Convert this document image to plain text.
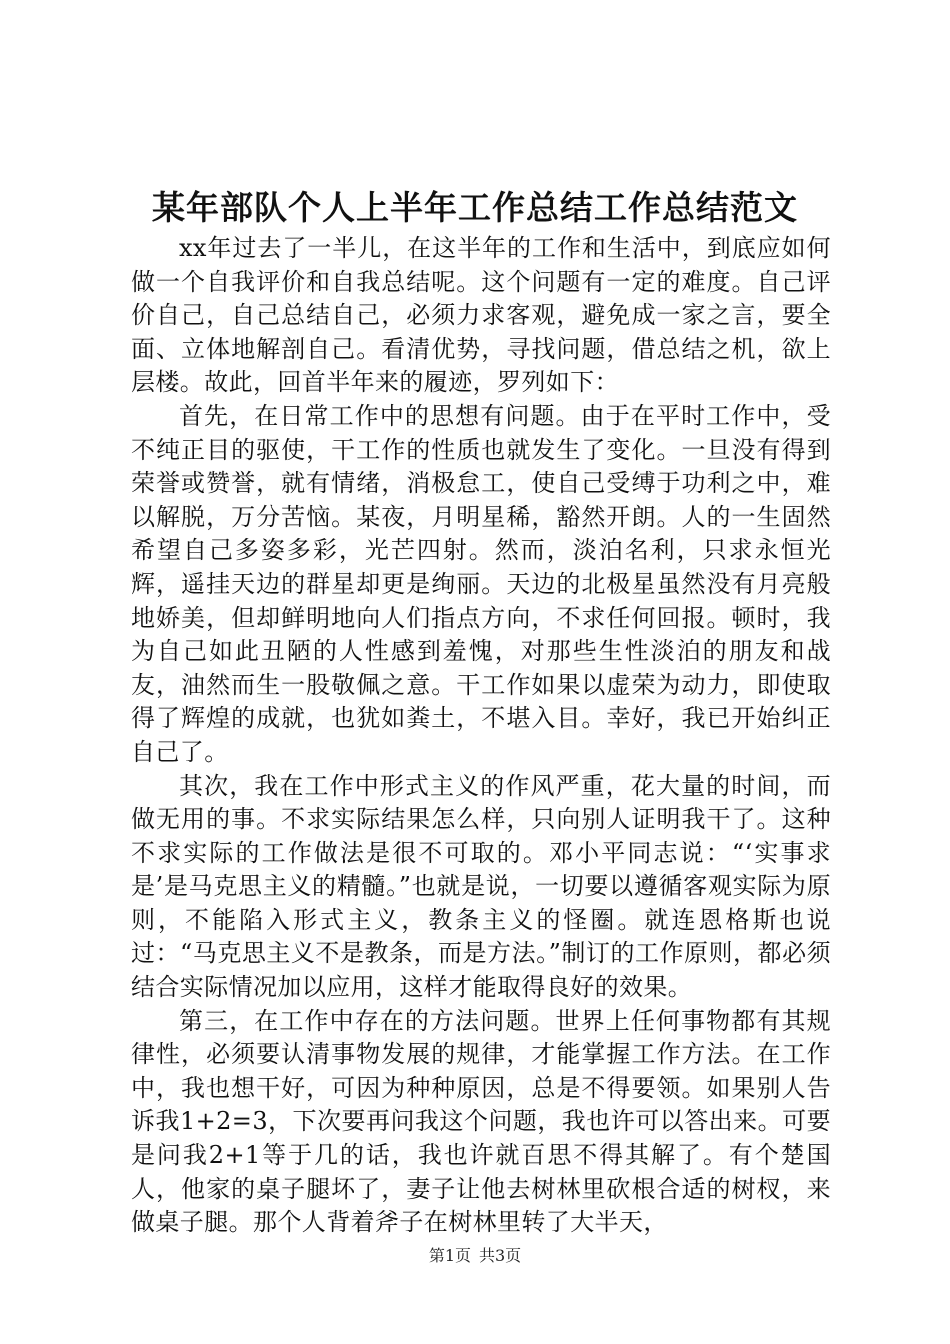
某年部队个人上半年工作总结工作总结范文

xx年过去了一半儿，在这半年的工作和生活中，到底应如何做一个自我评价和自我总结呢。这个问题有一定的难度。自己评价自己，自己总结自己，必须力求客观，避免成一家之言，要全面、立体地解剖自己。看清优势，寻找问题，借总结之机，欲上层楼。故此，回首半年来的履迹，罗列如下：

首先，在日常工作中的思想有问题。由于在平时工作中，受不纯正目的驱使，干工作的性质也就发生了变化。一旦没有得到荣誉或赞誉，就有情绪，消极怠工，使自己受缚于功利之中，难以解脱，万分苦恼。某夜，月明星稀，豁然开朗。人的一生固然希望自己多姿多彩，光芒四射。然而，淡泊名利，只求永恒光辉，遥挂天边的群星却更是绚丽。天边的北极星虽然没有月亮般地娇美，但却鲜明地向人们指点方向，不求任何回报。顿时，我为自己如此丑陋的人性感到羞愧，对那些生性淡泊的朋友和战友，油然而生一股敬佩之意。干工作如果以虚荣为动力，即使取得了辉煌的成就，也犹如粪土，不堪入目。幸好，我已开始纠正自己了。

其次，我在工作中形式主义的作风严重，花大量的时间，而做无用的事。不求实际结果怎么样，只向别人证明我干了。这种不求实际的工作做法是很不可取的。邓小平同志说：“‘实事求是’是马克思主义的精髓。”也就是说，一切要以遵循客观实际为原则，不能陷入形式主义，教条主义的怪圈。就连恩格斯也说过：“马克思主义不是教条，而是方法。”制订的工作原则，都必须结合实际情况加以应用，这样才能取得良好的效果。

第三，在工作中存在的方法问题。世界上任何事物都有其规律性，必须要认清事物发展的规律，才能掌握工作方法。在工作中，我也想干好，可因为种种原因，总是不得要领。如果别人告诉我1+2=3，下次要再问我这个问题，我也许可以答出来。可要是问我2+1等于几的话，我也许就百思不得其解了。有个楚国人，他家的桌子腿坏了，妻子让他去树林里砍根合适的树杈，来做桌子腿。那个人背着斧子在树林里转了大半天，

第1页 共3页
